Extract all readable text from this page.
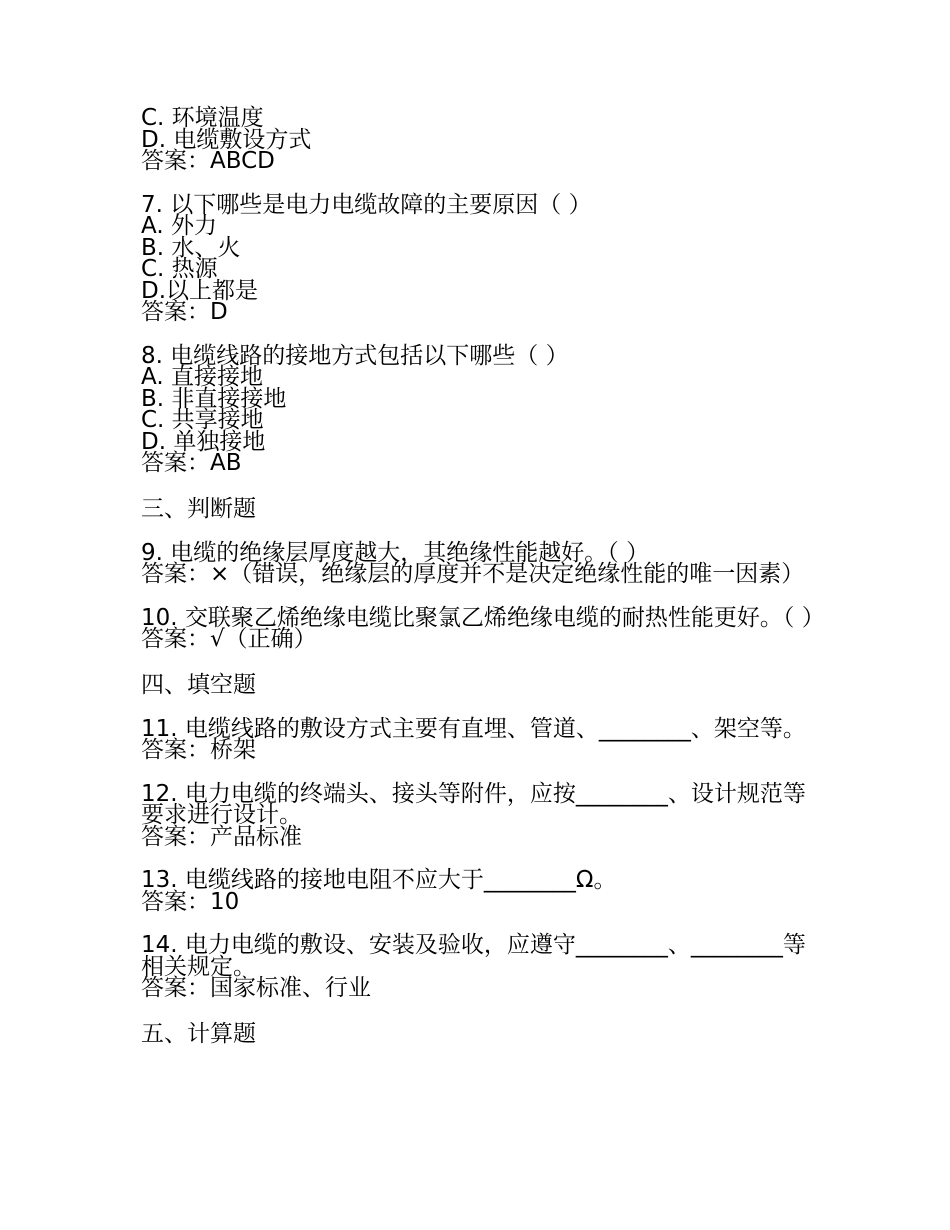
C. 环境温度
D. 电缆敷设方式
答案：ABCD
7. 以下哪些是电力电缆故障的主要原因（ ）
A. 外力
B. 水、火
C. 热源
D.以上都是
答案：D
8. 电缆线路的接地方式包括以下哪些（ ）
A. 直接接地
B. 非直接接地
C. 共享接地
D. 单独接地
答案：AB
三、判断题
9. 电缆的绝缘层厚度越大，其绝缘性能越好。（ ）
答案：×（错误，绝缘层的厚度并不是决定绝缘性能的唯一因素）
10. 交联聚乙烯绝缘电缆比聚氯乙烯绝缘电缆的耐热性能更好。（ ）
答案：√（正确）
四、填空题
11. 电缆线路的敷设方式主要有直埋、管道、________、架空等。
答案：桥架
12. 电力电缆的终端头、接头等附件，应按________、设计规范等要求进行设计。
答案：产品标准
13. 电缆线路的接地电阻不应大于________Ω。
答案：10
14. 电力电缆的敷设、安装及验收，应遵守________、________等相关规定。
答案：国家标准、行业
五、计算题
